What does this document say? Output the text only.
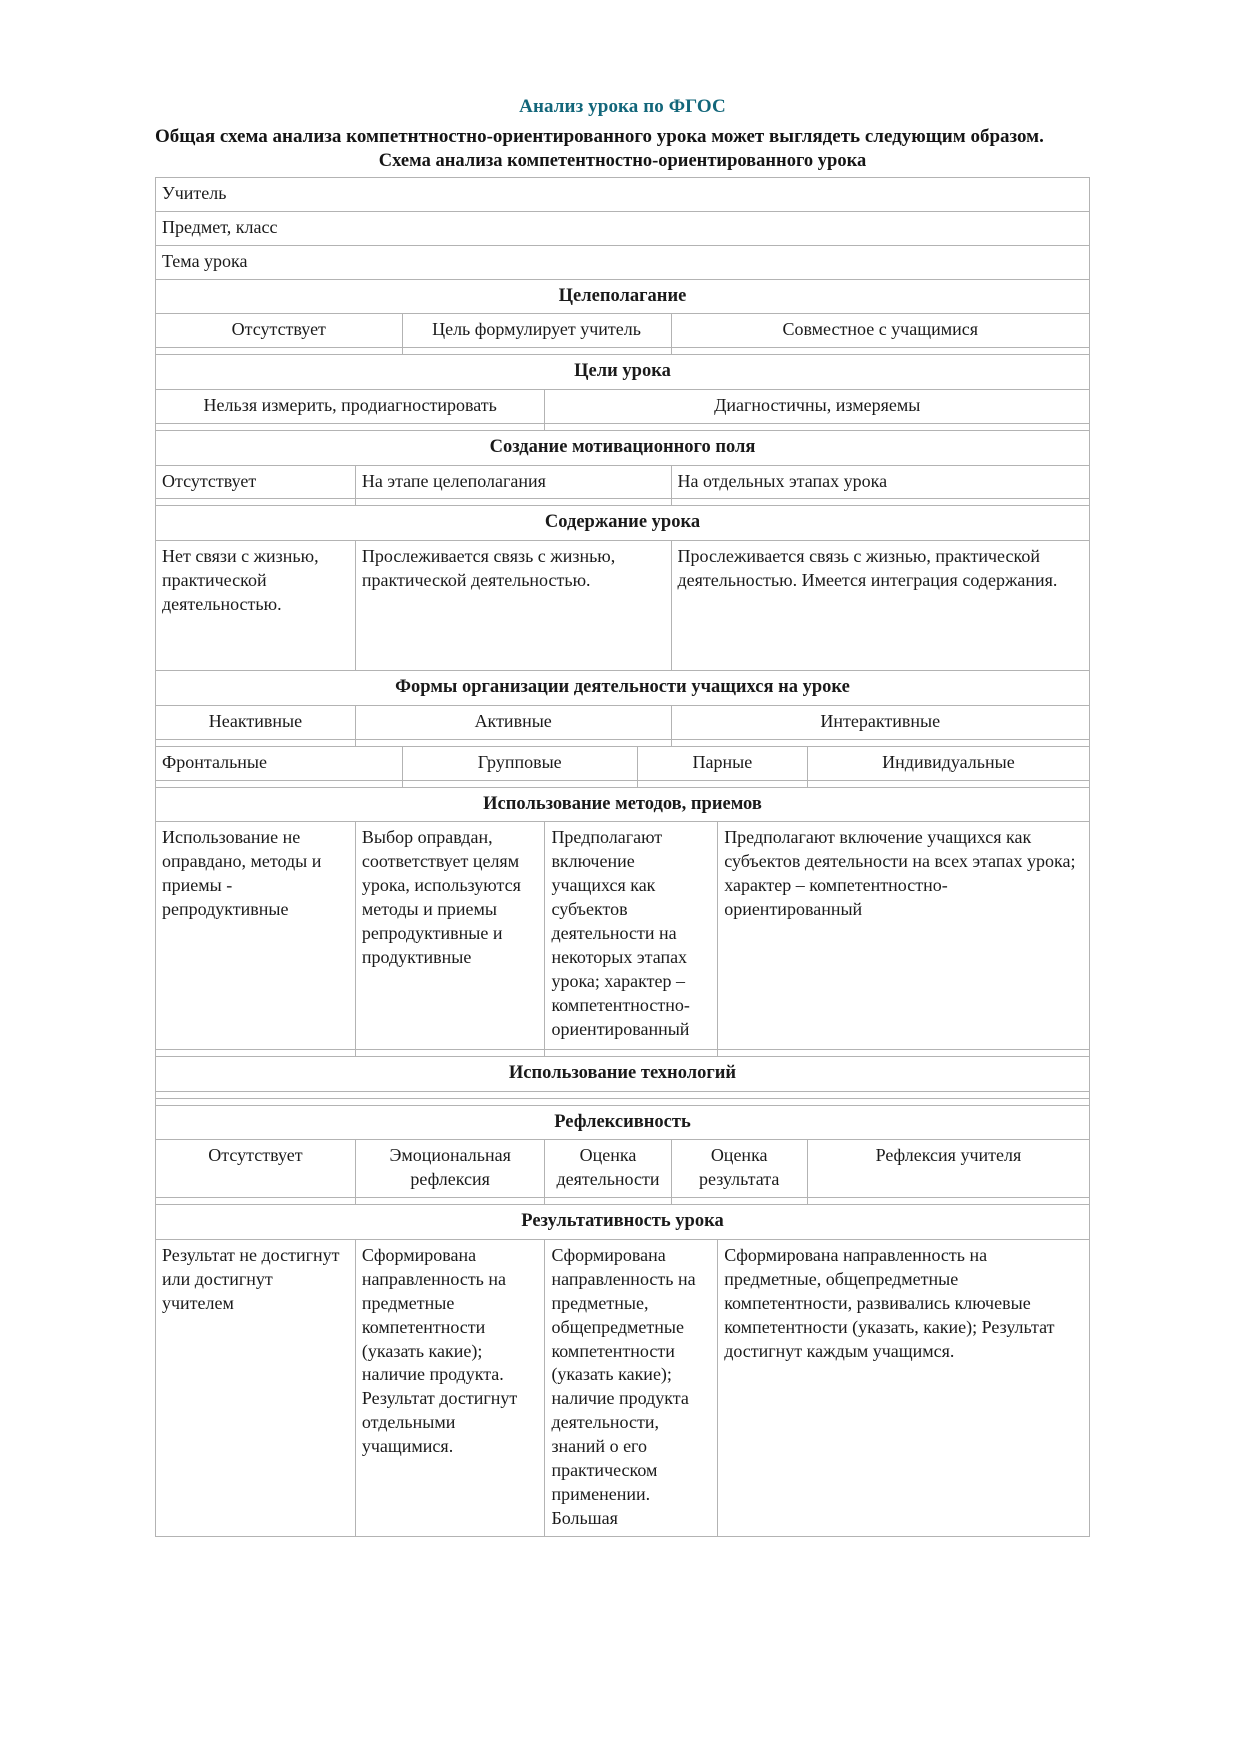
Анализ урока по ФГОС

Общая схема анализа компетнтностно-ориентированного урока может выглядеть следующим образом.

Схема анализа компетентностно-ориентированного урока
Учитель							
Предмет, класс							
Тема урока							
Целеполагание							
Отсутствует		Цель формулирует учитель			Совместное с учащимися		

Цели урока							
Нельзя измерить, продиагностировать			Диагностичны, измеряемы				

Создание мотивационного поля							
Отсутствует	На этапе целеполагания				На отдельных этапах урока		

Содержание урока							
Нет связи с жизнью, практической деятельностью.	Прослеживается связь с жизнью, практической деятельностью.				Прослеживается связь с жизнью, практической деятельностью. Имеется интеграция содержания.		
Формы организации деятельности учащихся на уроке							
Неактивные	Активные				Интерактивные		

Фронтальные		Групповые		Парные			Индивидуальные

Использование методов, приемов							
Использование не оправдано, методы и приемы - репродуктивные	Выбор оправдан, соответствует целям урока, используются методы и приемы репродуктивные и продуктивные		Предполагают включение учащихся как субъектов деятельности на некоторых этапах урока; характер – компетентностно-ориентированный			Предполагают включение учащихся как субъектов деятельности на всех этапах урока; характер – компетентностно-ориентированный	

Использование технологий							

Рефлексивность							
Отсутствует	Эмоциональная рефлексия		Оценка деятельности		Оценка результата		Рефлексия учителя

Результативность урока							
Результат не достигнут или достигнут учителем	Сформирована направленность на предметные компетентности (указать какие); наличие продукта. Результат достигнут отдельными учащимися.		Сформирована направленность на предметные, общепредметные компетентности (указать какие); наличие продукта деятельности, знаний о его практическом применении. Большая			Сформирована направленность на предметные, общепредметные компетентности, развивались ключевые компетентности (указать, какие); Результат достигнут каждым учащимся.	
